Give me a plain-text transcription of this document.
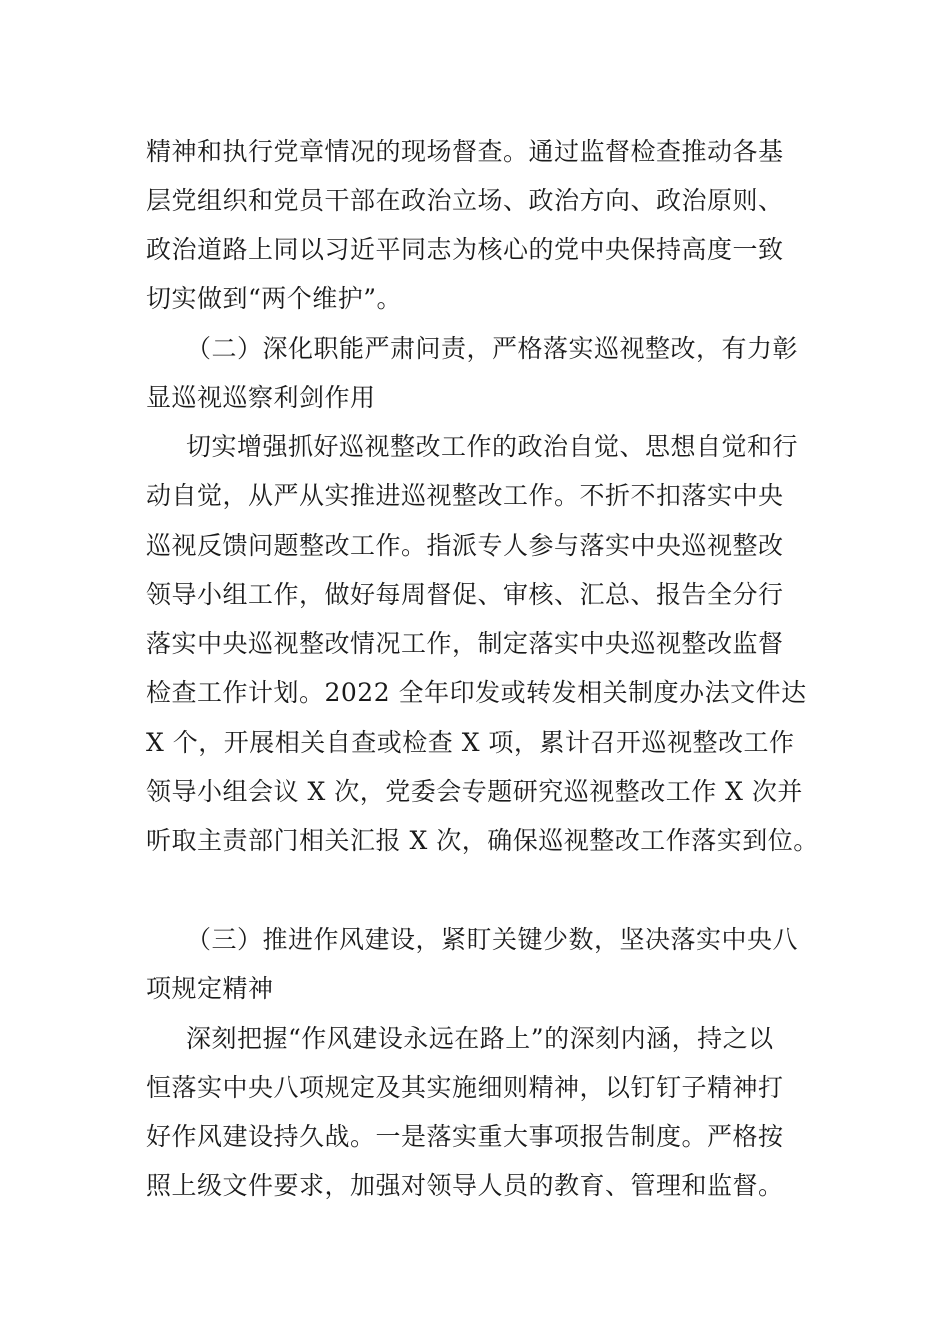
精神和执行党章情况的现场督查。通过监督检查推动各基
层党组织和党员干部在政治立场、政治方向、政治原则、
政治道路上同以习近平同志为核心的党中央保持高度一致
切实做到“两个维护”。
（二）深化职能严肃问责，严格落实巡视整改，有力彰
显巡视巡察利剑作用
切实增强抓好巡视整改工作的政治自觉、思想自觉和行
动自觉，从严从实推进巡视整改工作。不折不扣落实中央
巡视反馈问题整改工作。指派专人参与落实中央巡视整改
领导小组工作，做好每周督促、审核、汇总、报告全分行
落实中央巡视整改情况工作，制定落实中央巡视整改监督
检查工作计划。2022 全年印发或转发相关制度办法文件达
X 个，开展相关自查或检查 X 项，累计召开巡视整改工作
领导小组会议 X 次，党委会专题研究巡视整改工作 X 次并
听取主责部门相关汇报 X 次，确保巡视整改工作落实到位。
（三）推进作风建设，紧盯关键少数，坚决落实中央八
项规定精神
深刻把握“作风建设永远在路上”的深刻内涵，持之以
恒落实中央八项规定及其实施细则精神，以钉钉子精神打
好作风建设持久战。一是落实重大事项报告制度。严格按
照上级文件要求，加强对领导人员的教育、管理和监督。
